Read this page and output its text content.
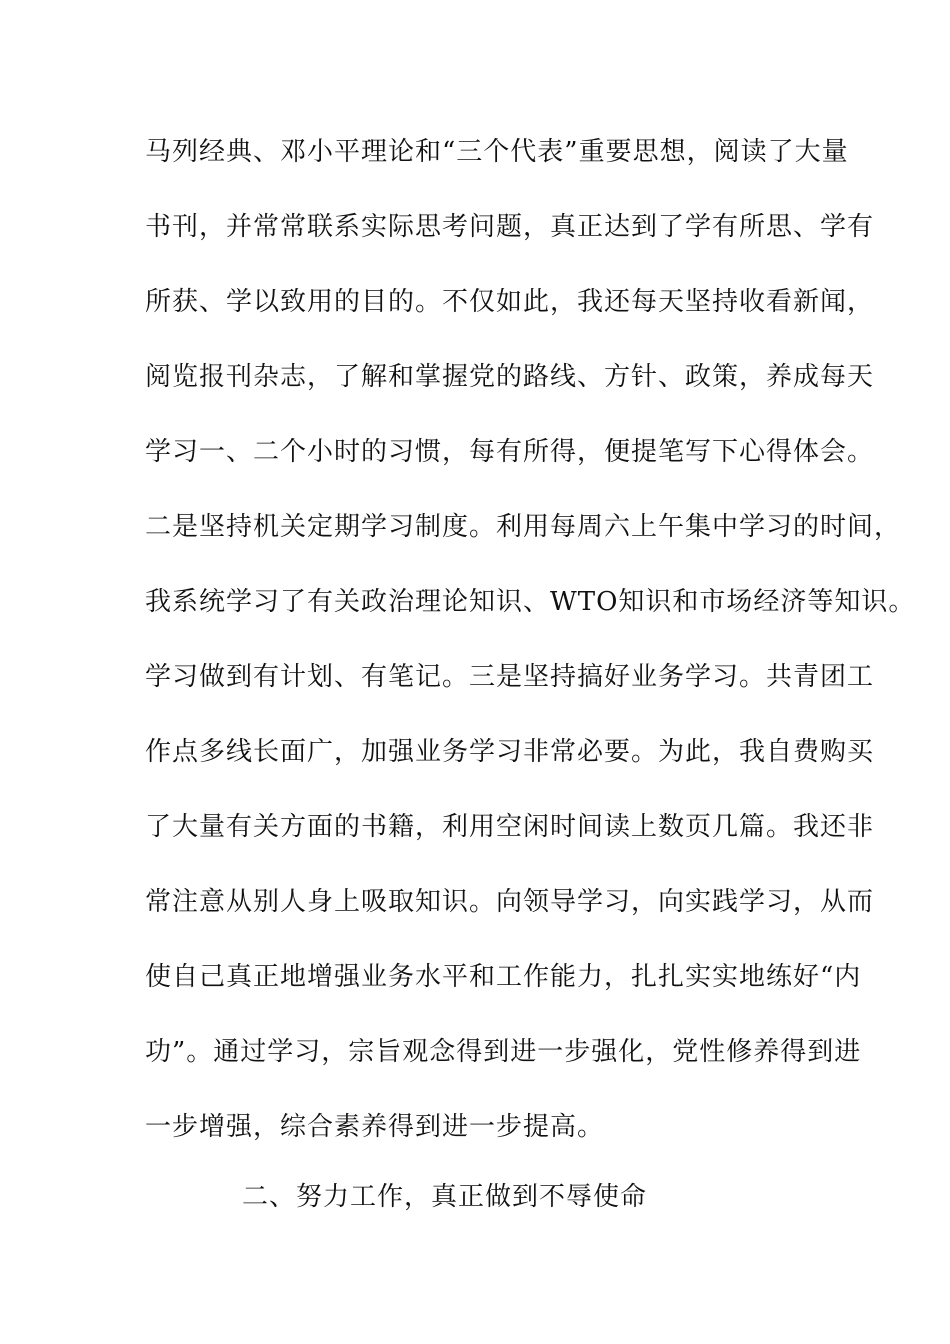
马列经典、邓小平理论和“三个代表”重要思想，阅读了大量
书刊，并常常联系实际思考问题，真正达到了学有所思、学有
所获、学以致用的目的。不仅如此，我还每天坚持收看新闻，
阅览报刊杂志，了解和掌握党的路线、方针、政策，养成每天
学习一、二个小时的习惯，每有所得，便提笔写下心得体会。
二是坚持机关定期学习制度。利用每周六上午集中学习的时间，
我系统学习了有关政治理论知识、WTO知识和市场经济等知识。
学习做到有计划、有笔记。三是坚持搞好业务学习。共青团工
作点多线长面广，加强业务学习非常必要。为此，我自费购买
了大量有关方面的书籍，利用空闲时间读上数页几篇。我还非
常注意从别人身上吸取知识。向领导学习，向实践学习，从而
使自己真正地增强业务水平和工作能力，扎扎实实地练好“内
功”。通过学习，宗旨观念得到进一步强化，党性修养得到进
一步增强，综合素养得到进一步提高。
二、努力工作，真正做到不辱使命
